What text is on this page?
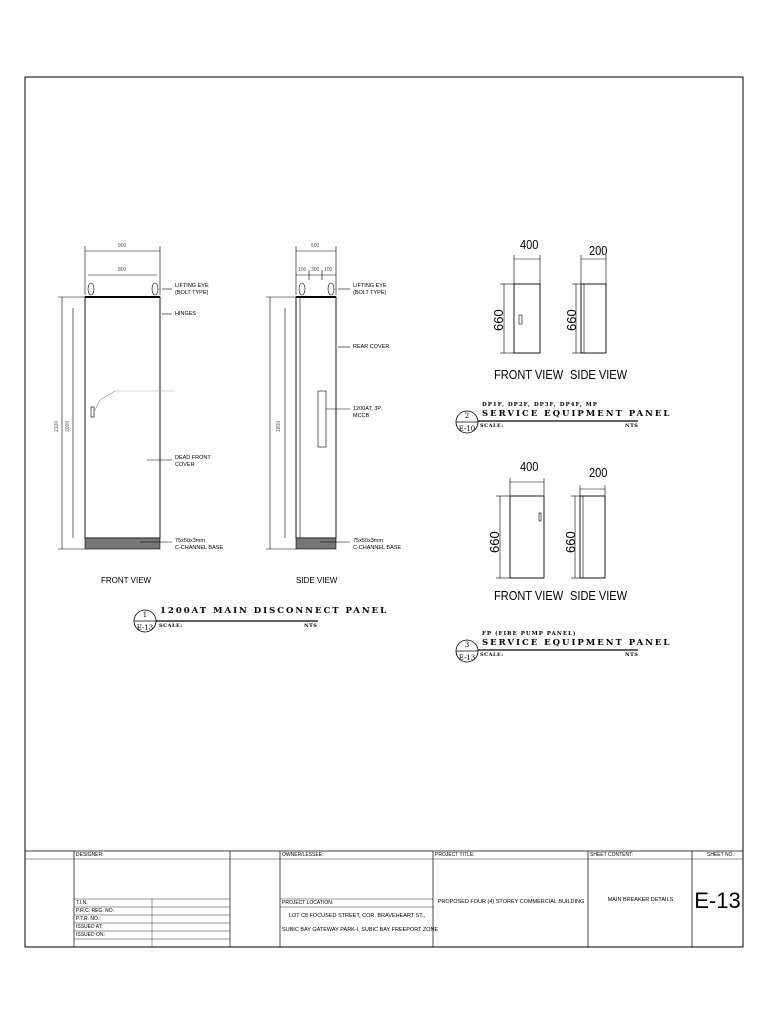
900
800
2100 2000
LIFTING EYE
(BOLT TYPE)
HINGES
DEAD FRONT
COVER
75x50x3mm
C-CHANNEL BASE
500
100 300 100
1800
LIFTING EYE
(BOLT TYPE)
REAR COVER
1200AT, 3P,
MCCB
75x50x3mm
C-CHANNEL BASE
FRONT VIEW	SIDE VIEW
1
E-13
1200AT MAIN DISCONNECT PANEL
SCALE:	NTS
400	200
660	660
FRONT VIEW SIDE VIEW
DP1F, DP2F, DP3F, DP4F, MP
SERVICE EQUIPMENT PANEL
2
E-10 SCALE:	NTS
400	200
660	660
FRONT VIEW SIDE VIEW
FP (FIRE PUMP PANEL)
SERVICE EQUIPMENT PANEL
3
E-13 SCALE:	NTS
DESIGNER:
T.I.N.
P.R.C. REG. NO.
P.T.R. NO.:
ISSUED AT:
ISSUED ON:
OWNER/LESSEE:
PROJECT LOCATION:
LOT C8 FOCUSED STREET, COR. BRAVEHEART ST.,
SUBIC BAY GATEWAY PARK-I, SUBIC BAY FREEPORT ZONE
PROJECT TITLE:
PROPOSED FOUR (4) STOREY COMMERCIAL BUILDING
SHEET CONTENT:
MAIN BREAKER DETAILS
SHEET NO.:
E-13
